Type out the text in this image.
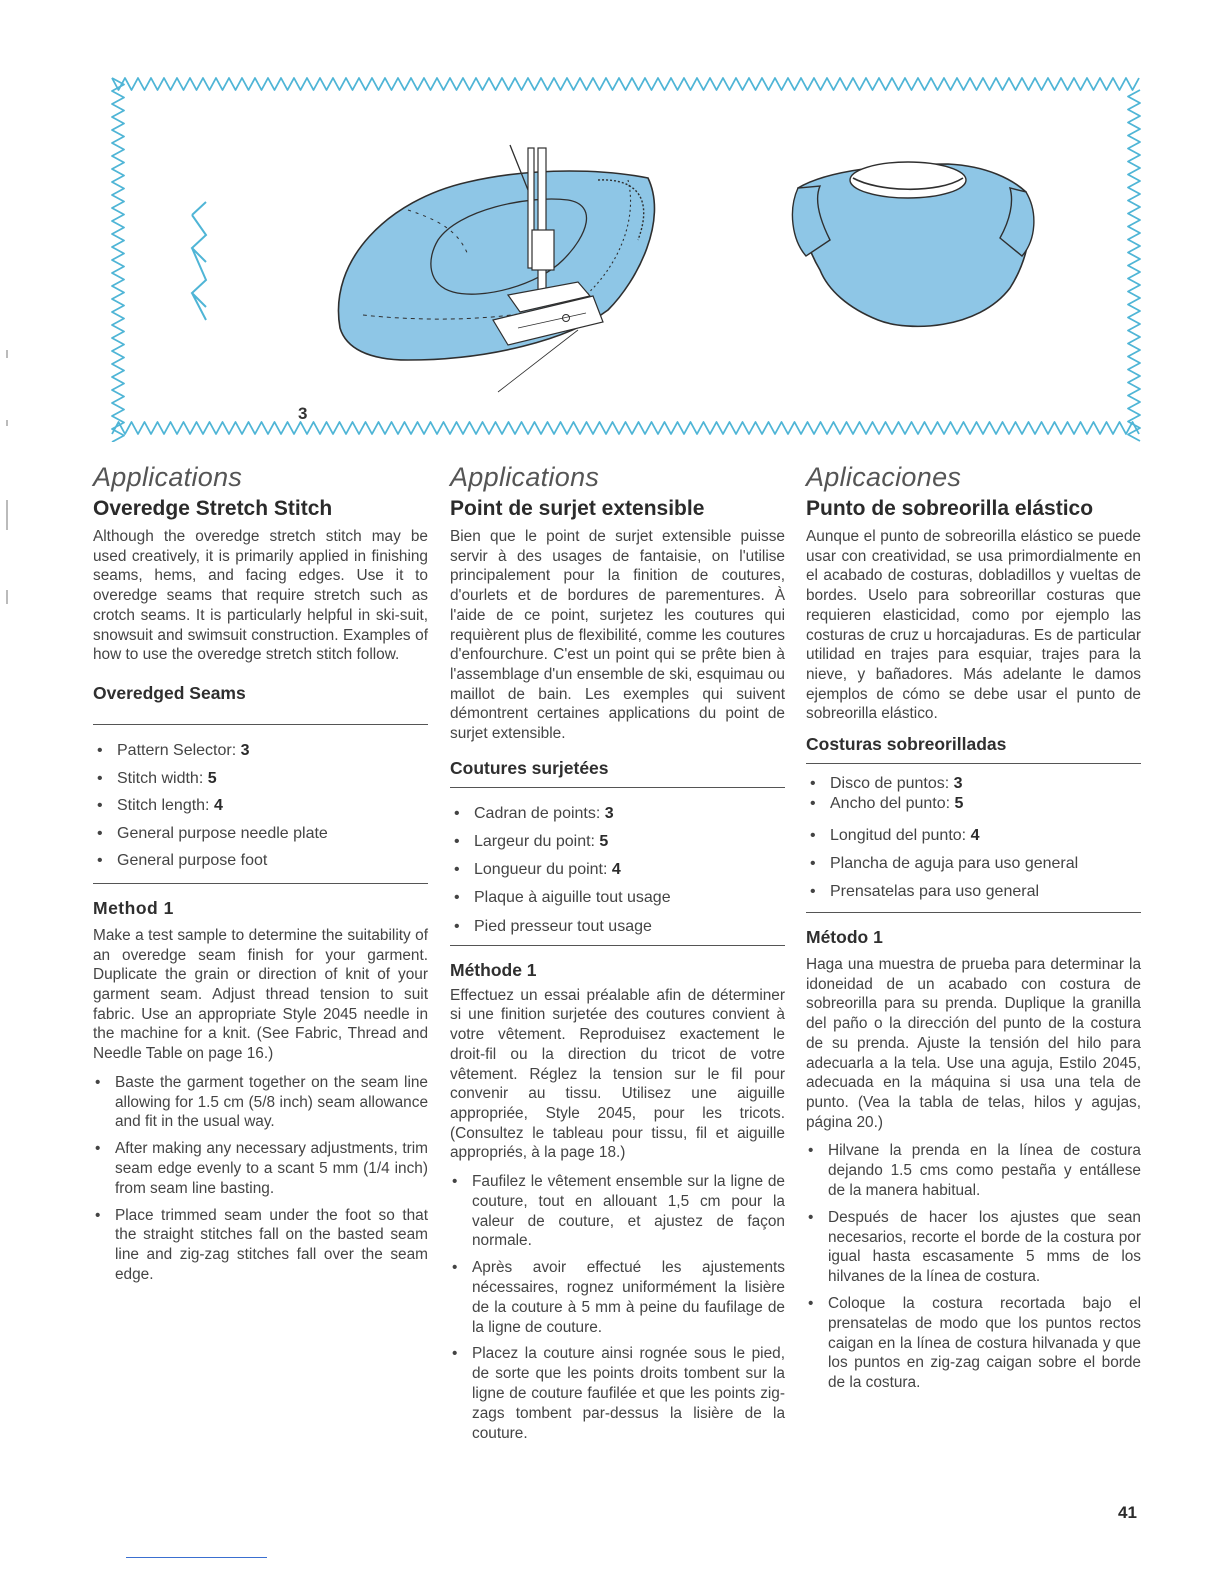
3
Applications
Overedge Stretch Stitch

Although the overedge stretch stitch may be used creatively, it is primarily applied in finishing seams, hems, and facing edges. Use it to overedge seams that require stretch such as crotch seams. It is particularly helpful in ski-suit, snowsuit and swimsuit construction. Examples of how to use the overedge stretch stitch follow.

Overedged Seams
• Pattern Selector: 3
• Stitch width: 5
• Stitch length: 4
• General purpose needle plate
• General purpose foot
Method 1

Make a test sample to determine the suitability of an overedge seam finish for your garment. Duplicate the grain or direction of knit of your garment seam. Adjust thread tension to suit fabric. Use an appropriate Style 2045 needle in the machine for a knit. (See Fabric, Thread and Needle Table on page 16.)

• Baste the garment together on the seam line allowing for 1.5 cm (5/8 inch) seam allowance and fit in the usual way.
• After making any necessary adjustments, trim seam edge evenly to a scant 5 mm (1/4 inch) from seam line basting.
• Place trimmed seam under the foot so that the straight stitches fall on the basted seam line and zig-zag stitches fall over the seam edge.
Applications
Point de surjet extensible

Bien que le point de surjet extensible puisse servir à des usages de fantaisie, on l'utilise principalement pour la finition de coutures, d'ourlets et de bordures de parementures. À l'aide de ce point, surjetez les coutures qui requièrent plus de flexibilité, comme les coutures d'enfourchure. C'est un point qui se prête bien à l'assemblage d'un ensemble de ski, esquimau ou maillot de bain. Les exemples qui suivent démontrent certaines applications du point de surjet extensible.

Coutures surjetées
• Cadran de points: 3
• Largeur du point: 5
• Longueur du point: 4
• Plaque à aiguille tout usage
• Pied presseur tout usage
Méthode 1

Effectuez un essai préalable afin de déterminer si une finition surjetée des coutures convient à votre vêtement. Reproduisez exactement le droit-fil ou la direction du tricot de votre vêtement. Réglez la tension sur le fil pour convenir au tissu. Utilisez une aiguille appropriée, Style 2045, pour les tricots. (Consultez le tableau pour tissu, fil et aiguille appropriés, à la page 18.)

• Faufilez le vêtement ensemble sur la ligne de couture, tout en allouant 1,5 cm pour la valeur de couture, et ajustez de façon normale.
• Après avoir effectué les ajustements nécessaires, rognez uniformément la lisière de la couture à 5 mm à peine du faufilage de la ligne de couture.
• Placez la couture ainsi rognée sous le pied, de sorte que les points droits tombent sur la ligne de couture faufilée et que les points zig-zags tombent par-dessus la lisière de la couture.
Aplicaciones
Punto de sobreorilla elástico

Aunque el punto de sobreorilla elástico se puede usar con creatividad, se usa primordialmente en el acabado de costuras, dobladillos y vueltas de bordes. Uselo para sobreorillar costuras que requieren elasticidad, como por ejemplo las costuras de cruz u horcajaduras. Es de particular utilidad en trajes para esquiar, trajes para la nieve, y bañadores. Más adelante le damos ejemplos de cómo se debe usar el punto de sobreorilla elástico.

Costuras sobreorilladas
• Disco de puntos: 3
• Ancho del punto: 5
• Longitud del punto: 4
• Plancha de aguja para uso general
• Prensatelas para uso general
Método 1

Haga una muestra de prueba para determinar la idoneidad de un acabado con costura de sobreorilla para su prenda. Duplique la granilla del paño o la dirección del punto de la costura de su prenda. Ajuste la tensión del hilo para adecuarla a la tela. Use una aguja, Estilo 2045, adecuada en la máquina si usa una tela de punto. (Vea la tabla de telas, hilos y agujas, página 20.)

• Hilvane la prenda en la línea de costura dejando 1.5 cms como pestaña y entállese de la manera habitual.
• Después de hacer los ajustes que sean necesarios, recorte el borde de la costura por igual hasta escasamente 5 mms de los hilvanes de la línea de costura.
• Coloque la costura recortada bajo el prensatelas de modo que los puntos rectos caigan en la línea de costura hilvanada y que los puntos en zig-zag caigan sobre el borde de la costura.
41
